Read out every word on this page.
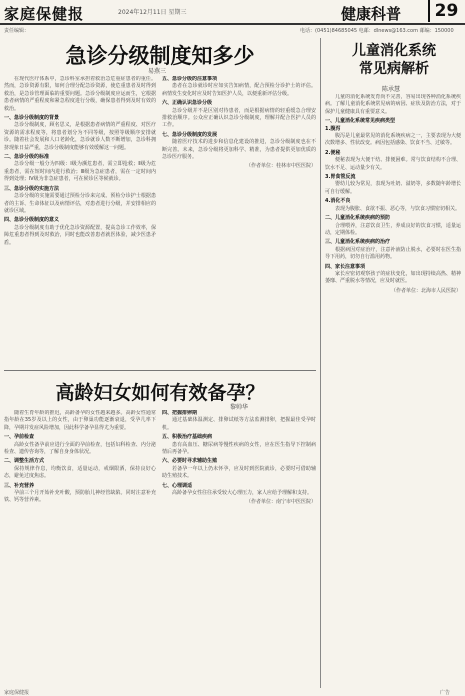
家庭保健报	2024年12月11日 星期三	健康科普	29
责任编辑：	电话：(0451)84685045 电邮：dlnews@163.com 邮编：150000
急诊分级制度知多少
易燕三

在现代医疗体系中，急诊科室承担着救治急危重症患者的重任。然而，急诊资源有限，如何合理分配急诊资源，使危重患者及时得到救治，是急诊管理面临的重要问题。急诊分级制度应运而生，它根据患者病情的严重程度和紧急程度进行分级，确保患者得到及时有效的救治。

一、急诊分级制度的背景

急诊分级制度，顾名思义，是根据患者病情的严重程度、对医疗资源的需求程度等，将患者划分为不同等级，按照等级顺序安排就诊。随着社会发展和人口老龄化，急诊就诊人数不断增加，急诊科拥挤现象日益严重，急诊分级制度能够有效缓解这一问题。

二、急诊分级的标准

急诊分级一般分为四级：Ⅰ级为濒危患者，需立即抢救；Ⅱ级为危重患者，需在短时间内进行救治；Ⅲ级为急症患者，需在一定时间内得到处理；Ⅳ级为非急症患者，可在候诊区等候就诊。

三、急诊分级的实施方法

急诊分级的实施需要通过预检分诊来完成。预检分诊护士根据患者的主诉、生命体征以及病情评估，对患者进行分级，并安排相应的就诊区域。

四、急诊分级制度的意义

急诊分级制度有助于优化急诊资源配置，提高急诊工作效率，保障危重患者得到及时救治，同时也能改善患者就医体验，减少医患矛盾。

五、急诊分级的注意事项

患者在急诊就诊时应如实告知病情，配合预检分诊护士的评估。病情发生变化时应及时告知医护人员，以便重新评估分级。

六、正确认识急诊分级

急诊分级并不是区别对待患者，而是根据病情的轻重缓急合理安排救治顺序。公众应正确认识急诊分级制度，理解并配合医护人员的工作。

七、急诊分级制度的发展

随着医疗技术的进步和信息化建设的推进，急诊分级制度也在不断完善。未来，急诊分级将更加科学、精准，为患者提供更加优质的急诊医疗服务。

（作者单位：桂林市中医医院）

高龄妇女如何有效备孕？
黎帅华

随着生育年龄的推迟，高龄备孕的女性越来越多。高龄女性通常指年龄在35岁及以上的女性，由于卵巢功能逐渐衰退，受孕几率下降，孕期并发症风险增加，因此科学备孕显得尤为重要。

一、孕前检查

高龄女性备孕前应进行全面的孕前检查，包括妇科检查、内分泌检查、遗传咨询等，了解自身身体状况。

二、调整生活方式

保持规律作息，均衡饮食，适量运动，戒烟限酒，保持良好心态，避免过度焦虑。

三、补充营养

孕前三个月开始补充叶酸，预防胎儿神经管缺陷。同时注意补充铁、钙等营养素。

四、把握排卵期

通过基础体温测定、排卵试纸等方法监测排卵，把握最佳受孕时机。

五、积极治疗基础疾病

患有高血压、糖尿病等慢性疾病的女性，应在医生指导下控制病情后再备孕。

六、必要时寻求辅助生殖

若备孕一年以上仍未怀孕，应及时到医院就诊，必要时可借助辅助生殖技术。

七、心理调适

高龄备孕女性往往承受较大心理压力，家人应给予理解和支持。

（作者单位：南宁市中医医院）

儿童消化系统
常见病解析
陈承慧

儿童的消化系统发育尚不完善，容易出现各种消化系统疾病。了解儿童消化系统常见病的病因、症状及防治方法，对于保护儿童健康具有重要意义。

一、儿童消化系统常见疾病类型
1.腹泻

腹泻是儿童最常见的消化系统疾病之一，主要表现为大便次数增多、性状改变。病因包括感染、饮食不当、过敏等。

2.便秘

便秘表现为大便干结、排便困难。常与饮食结构不合理、饮水不足、运动量少有关。

3.胃食管反流

婴幼儿较为常见，表现为吐奶、溢奶等，多数随年龄增长可自行缓解。

4.消化不良

表现为腹胀、食欲不振、恶心等，与饮食习惯密切相关。

二、儿童消化系统疾病的预防

合理喂养，注意饮食卫生，养成良好的饮食习惯，适量运动，定期体检。

三、儿童消化系统疾病的治疗

根据病因对症治疗，注意补液防止脱水，必要时在医生指导下用药，切勿自行滥用药物。

四、家长注意事项

家长应密切观察孩子的症状变化，如出现持续高热、精神萎靡、严重脱水等情况，应及时就医。

（作者单位：北海市人民医院）

家庭保健报	广告
